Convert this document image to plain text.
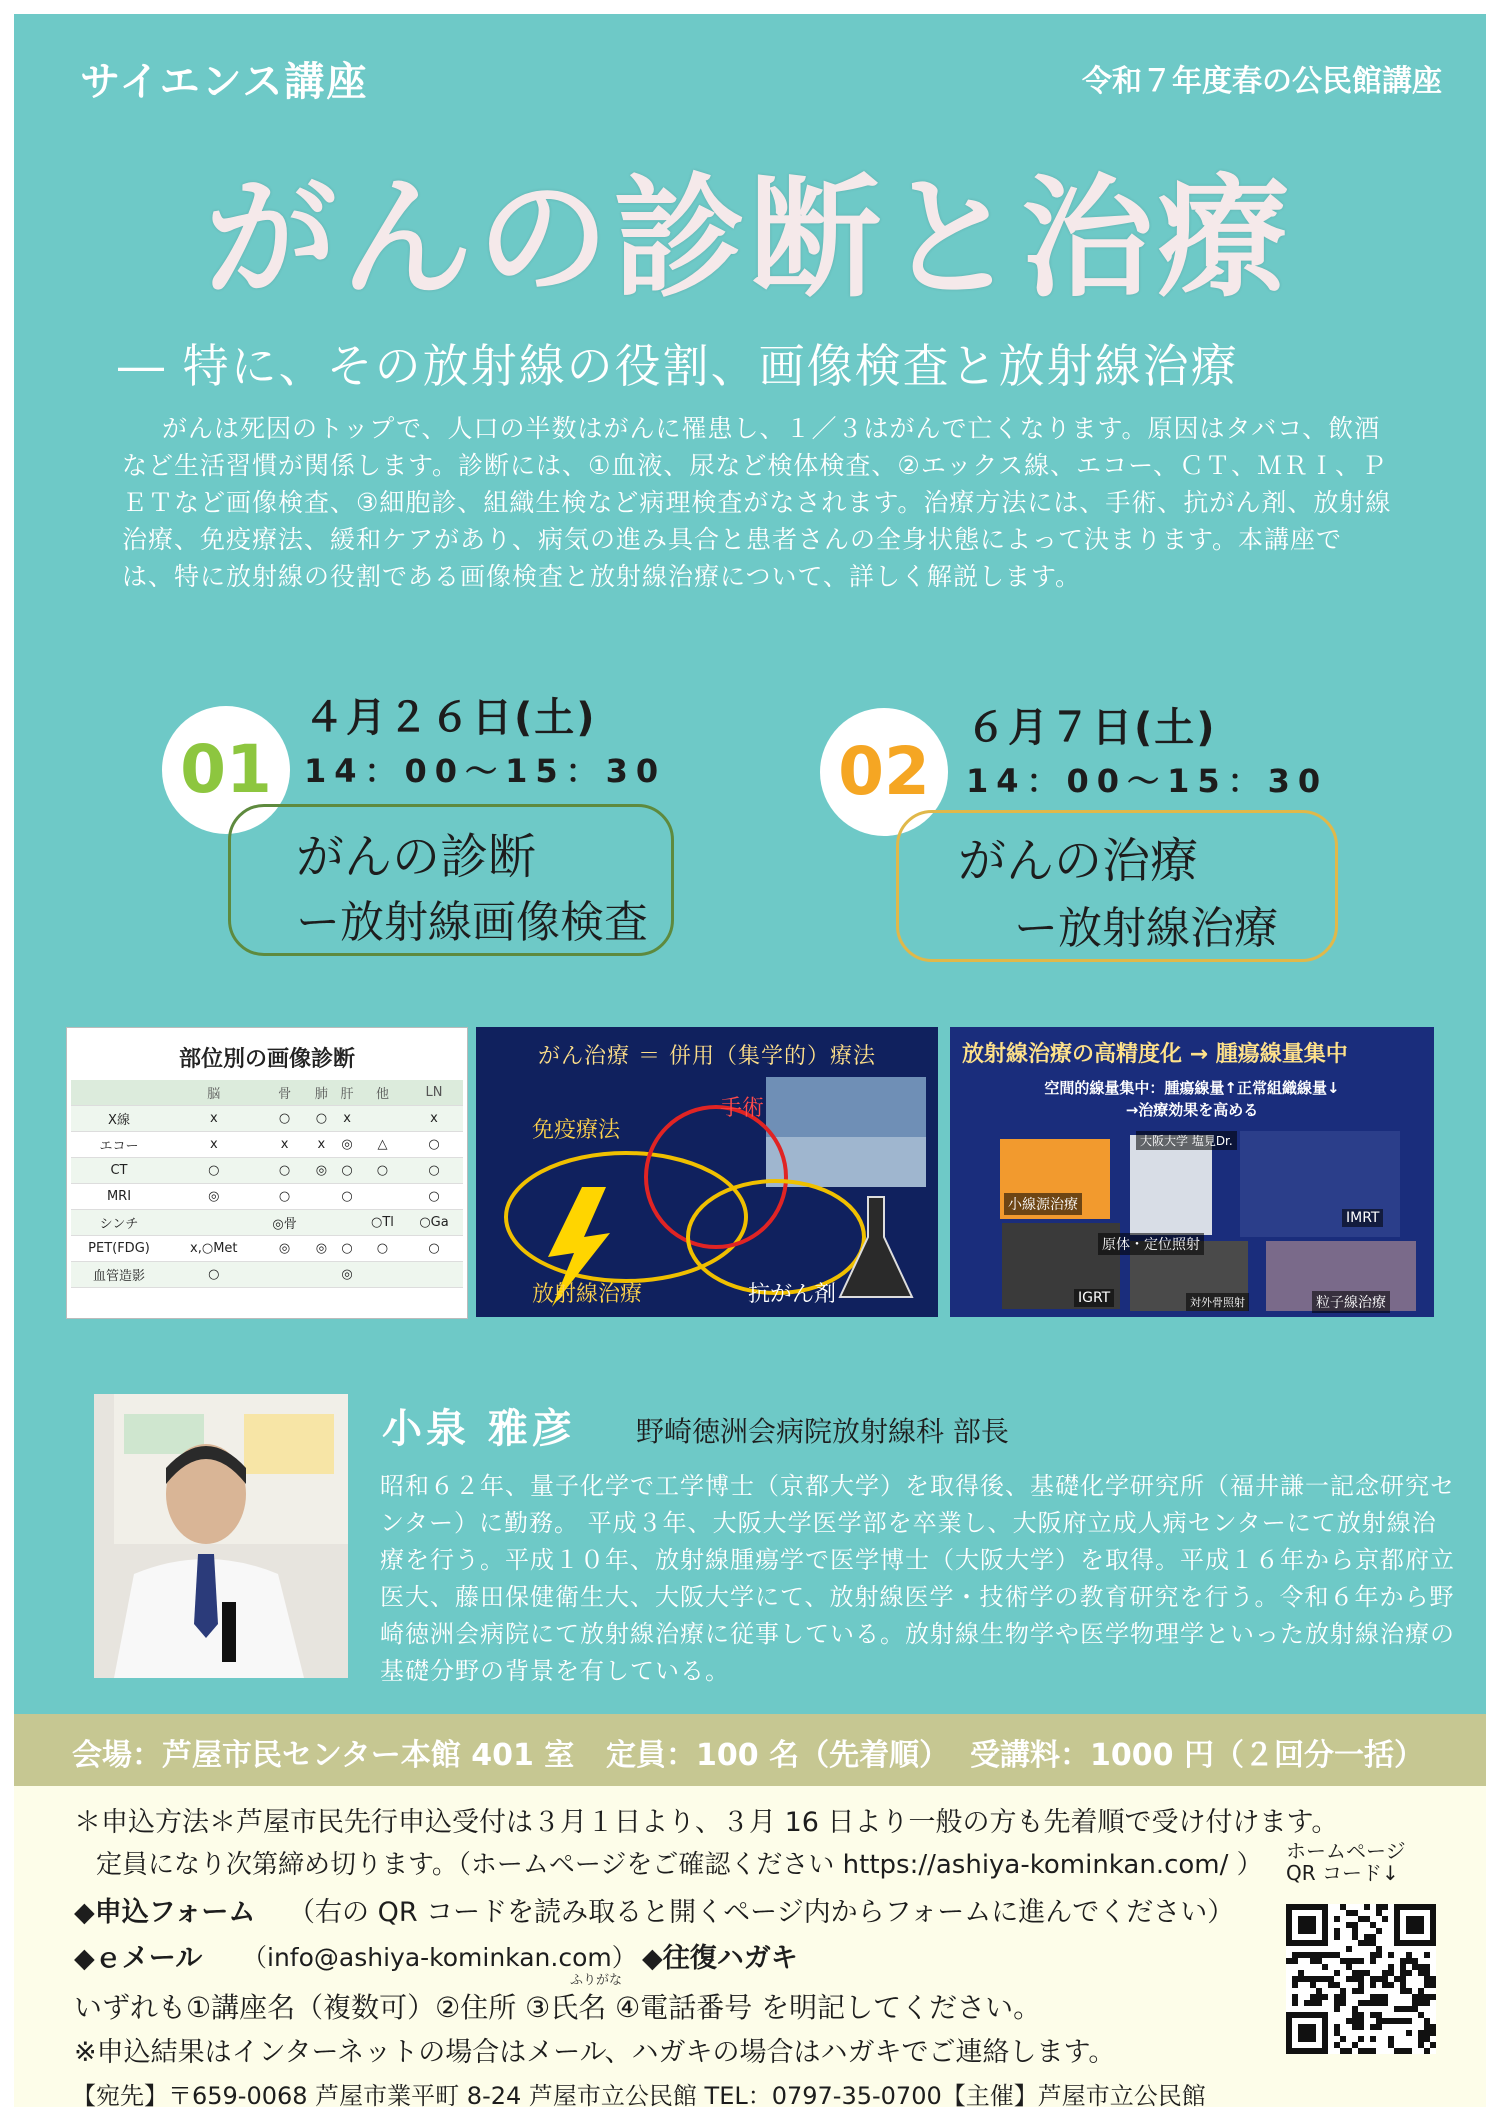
サイエンス講座	令和７年度春の公民館講座
がんの診断と治療
― 特に、その放射線の役割、画像検査と放射線治療
がんは死因のトップで、人口の半数はがんに罹患し、１／３はがんで亡くなります。原因はタバコ、飲酒など生活習慣が関係します。診断には、①血液、尿など検体検査、②エックス線、エコー、ＣＴ、ＭＲＩ、ＰＥＴなど画像検査、③細胞診、組織生検など病理検査がなされます。治療方法には、手術、抗がん剤、放射線治療、免疫療法、緩和ケアがあり、病気の進み具合と患者さんの全身状態によって決まります。本講座では、特に放射線の役割である画像検査と放射線治療について、詳しく解説します。
01
４月２６日(土)
14：00〜15：30
がんの診断
ー放射線画像検査
02
６月７日(土)
14：00〜15：30
がんの治療
ー放射線治療
部位別の画像診断
	脳	骨	肺	肝	他	LN
X線	x	○	○	x		x
エコー	x	x	x	◎	△	○
CT	○	○	◎	○	○	○
MRI	◎	○		○		○
シンチ		◎骨			○Tl	○Ga
PET(FDG)	x,○Met	◎	◎	○	○	○
血管造影	○			◎		
がん治療 ＝ 併用（集学的）療法
手術
免疫療法
放射線治療	抗がん剤
放射線治療の高精度化 → 腫瘍線量集中
空間的線量集中：腫瘍線量↑正常組織線量↓
→治療効果を高める
小線源治療
大阪大学 塩見Dr.
IMRT
原体・定位照射
IGRT	対外骨照射	粒子線治療
小泉 雅彦 野崎徳洲会病院放射線科 部長
昭和６２年、量子化学で工学博士（京都大学）を取得後、基礎化学研究所（福井謙一記念研究センター）に勤務。 平成３年、大阪大学医学部を卒業し、大阪府立成人病センターにて放射線治療を行う。平成１０年、放射線腫瘍学で医学博士（大阪大学）を取得。平成１６年から京都府立医大、藤田保健衛生大、大阪大学にて、放射線医学・技術学の教育研究を行う。令和６年から野崎徳洲会病院にて放射線治療に従事している。放射線生物学や医学物理学といった放射線治療の基礎分野の背景を有している。
会場：芦屋市民センター本館 401 室 定員：100 名（先着順） 受講料：1000 円（２回分一括）
＊申込方法＊芦屋市民先行申込受付は３月１日より、３月 16 日より一般の方も先着順で受け付けます。
定員になり次第締め切ります。（ホームページをご確認ください https://ashiya-kominkan.com/ ）
◆申込フォーム （右の QR コードを読み取ると開くページ内からフォームに進んでください）
◆ｅメール （info@ashiya-kominkan.com） ◆往復ハガキ
ふりがな
いずれも①講座名（複数可）②住所 ③氏名 ④電話番号 を明記してください。
※申込結果はインターネットの場合はメール、ハガキの場合はハガキでご連絡します。
【宛先】〒659-0068 芦屋市業平町 8-24 芦屋市立公民館 TEL：0797-35-0700【主催】芦屋市立公民館
ホームページ QR コード↓
